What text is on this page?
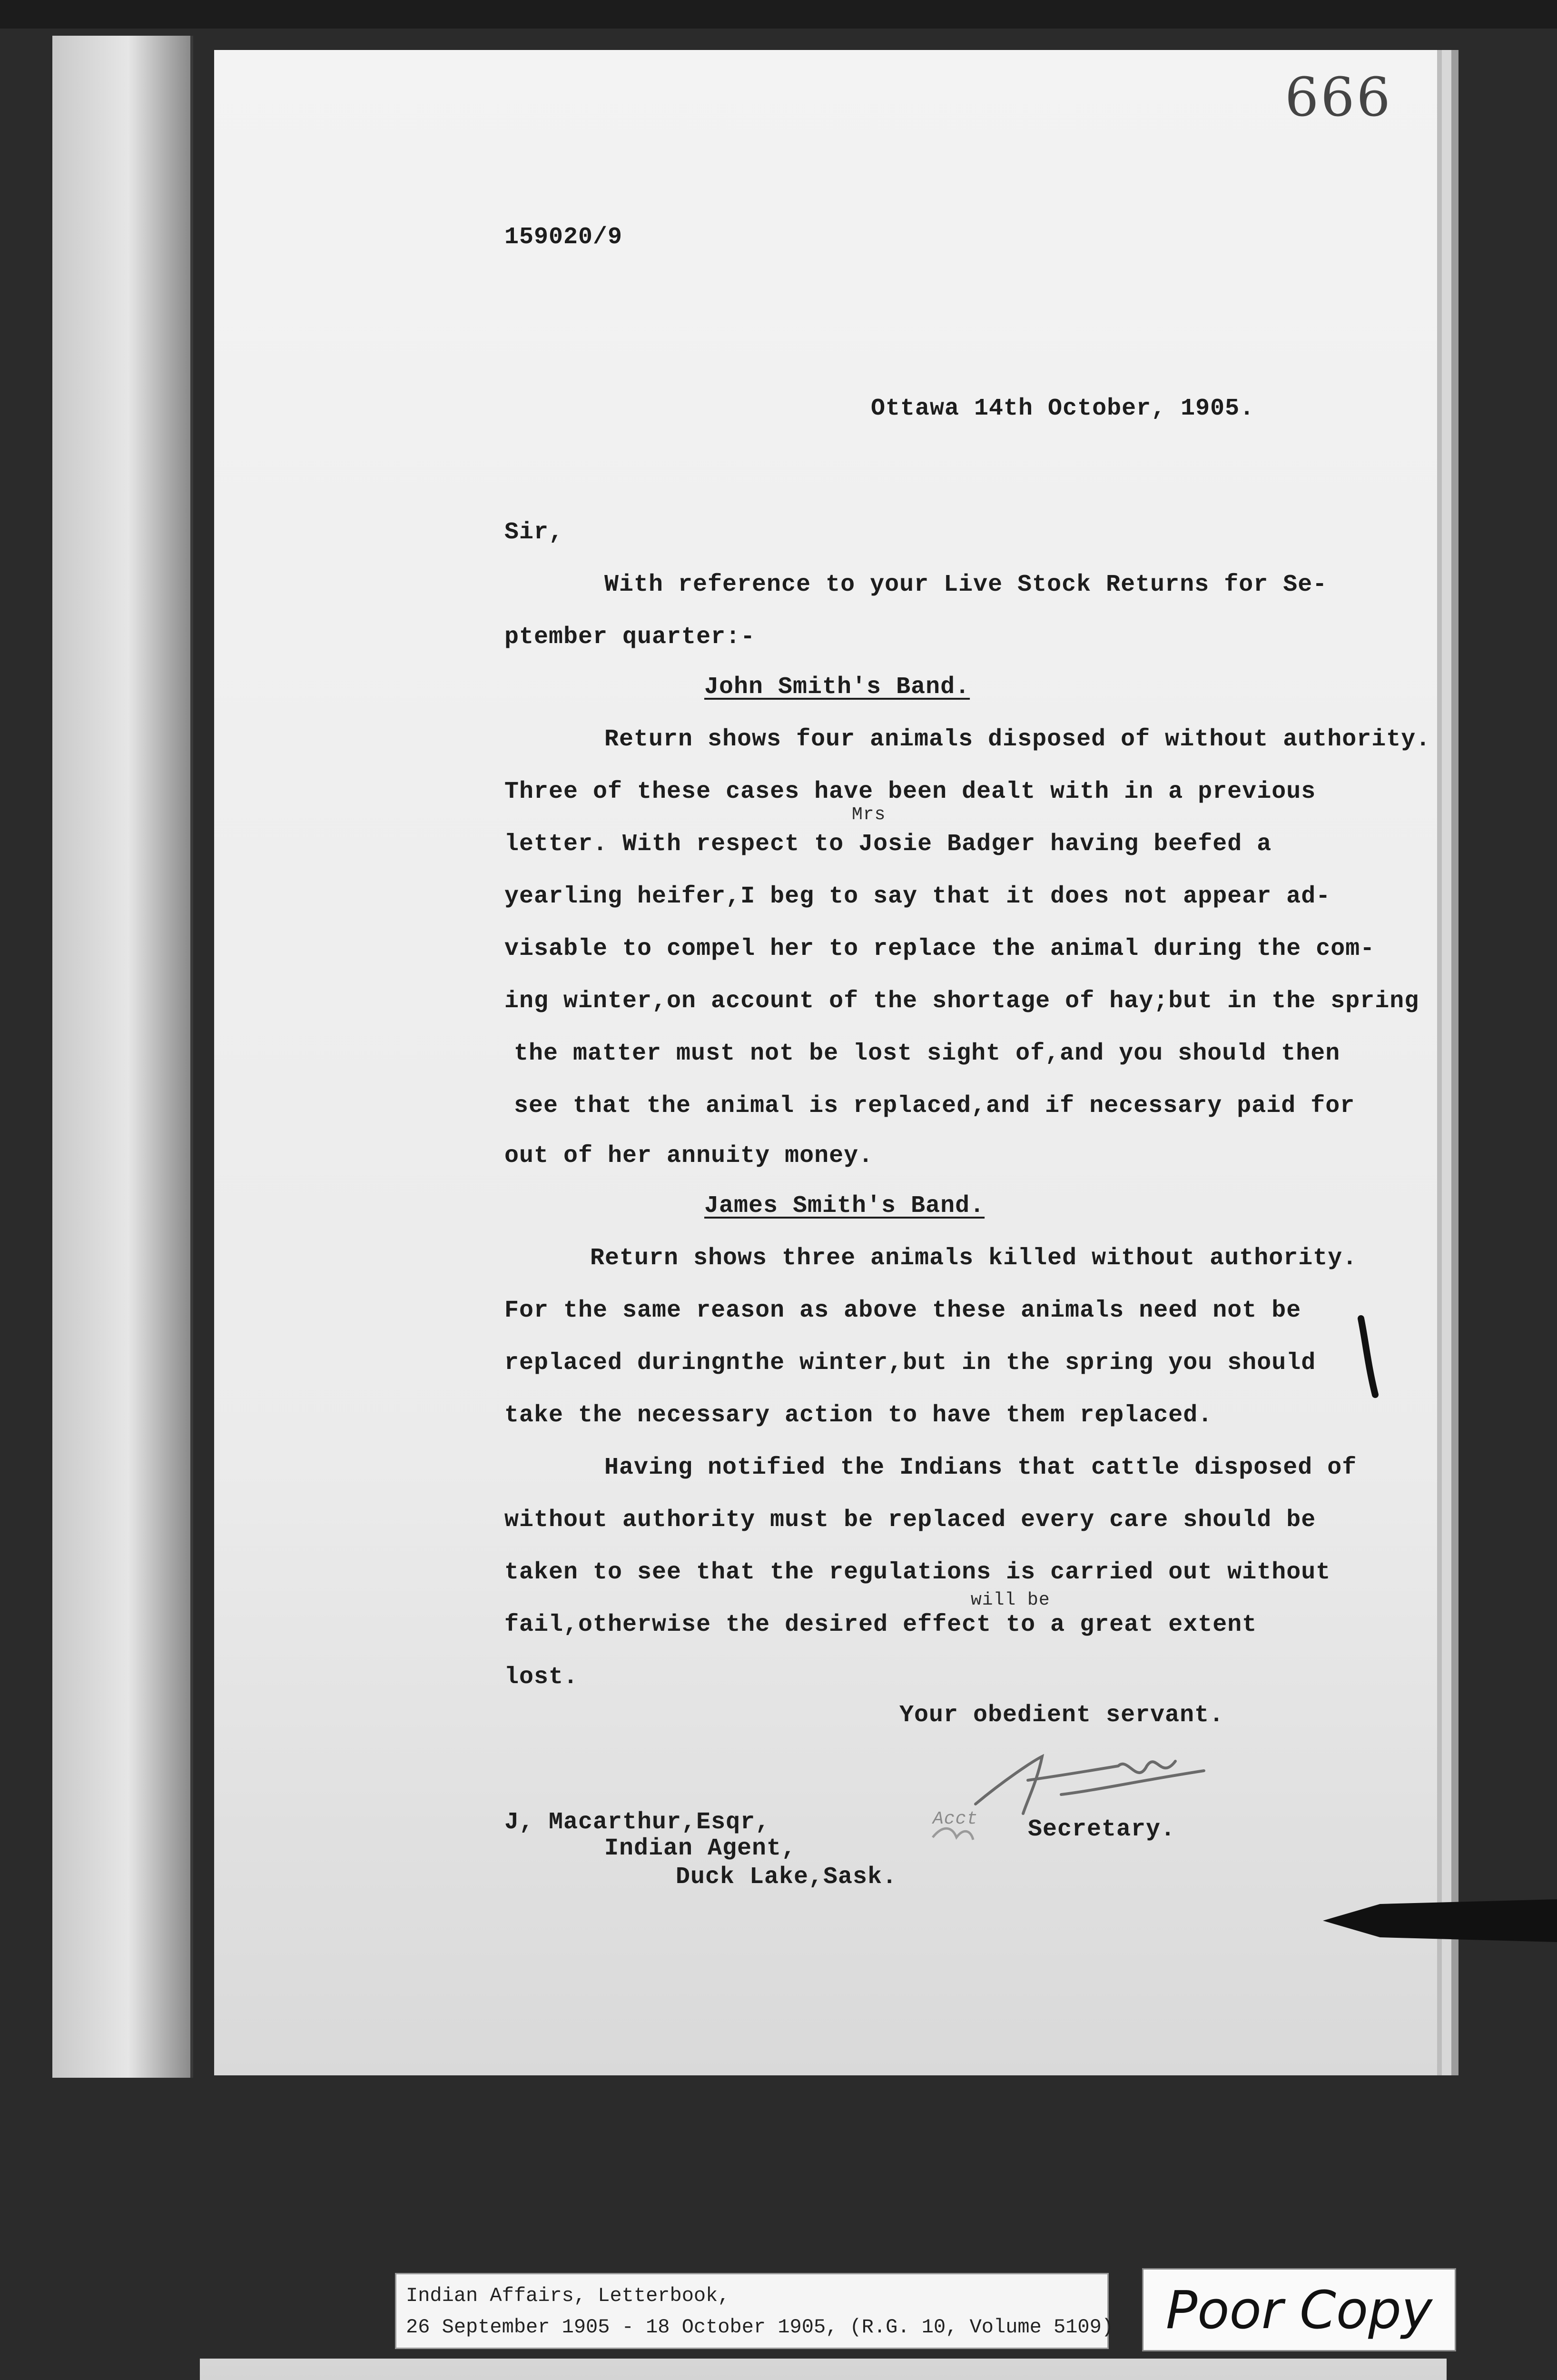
666
159020/9
Ottawa 14th October, 1905.
Sir,
With reference to your Live Stock Returns for Se-
ptember quarter:-
John Smith's Band.
Return shows four animals disposed of without authority.
Three of these cases have been dealt with in a previous
Mrs
letter. With respect to Josie Badger having beefed a
yearling heifer,I beg to say that it does not appear ad-
visable to compel her to replace the animal during the com-
ing winter,on account of the shortage of hay;but in the spring
the matter must not be lost sight of,and you should then
see that the animal is replaced,and if necessary paid for
out of her annuity money.
James Smith's Band.
Return shows three animals killed without authority.
For the same reason as above these animals need not be
replaced duringnthe winter,but in the spring you should
take the necessary action to have them replaced.
Having notified the Indians that cattle disposed of
without authority must be replaced every care should be
taken to see that the regulations is carried out without
will be
fail,otherwise the desired effect to a great extent
lost.
Your obedient servant.
Acct Secretary.
J, Macarthur,Esqr,
Indian Agent,
Duck Lake,Sask.
Indian Affairs, Letterbook,
26 September 1905 - 18 October 1905, (R.G. 10, Volume 5109) Poor Copy
